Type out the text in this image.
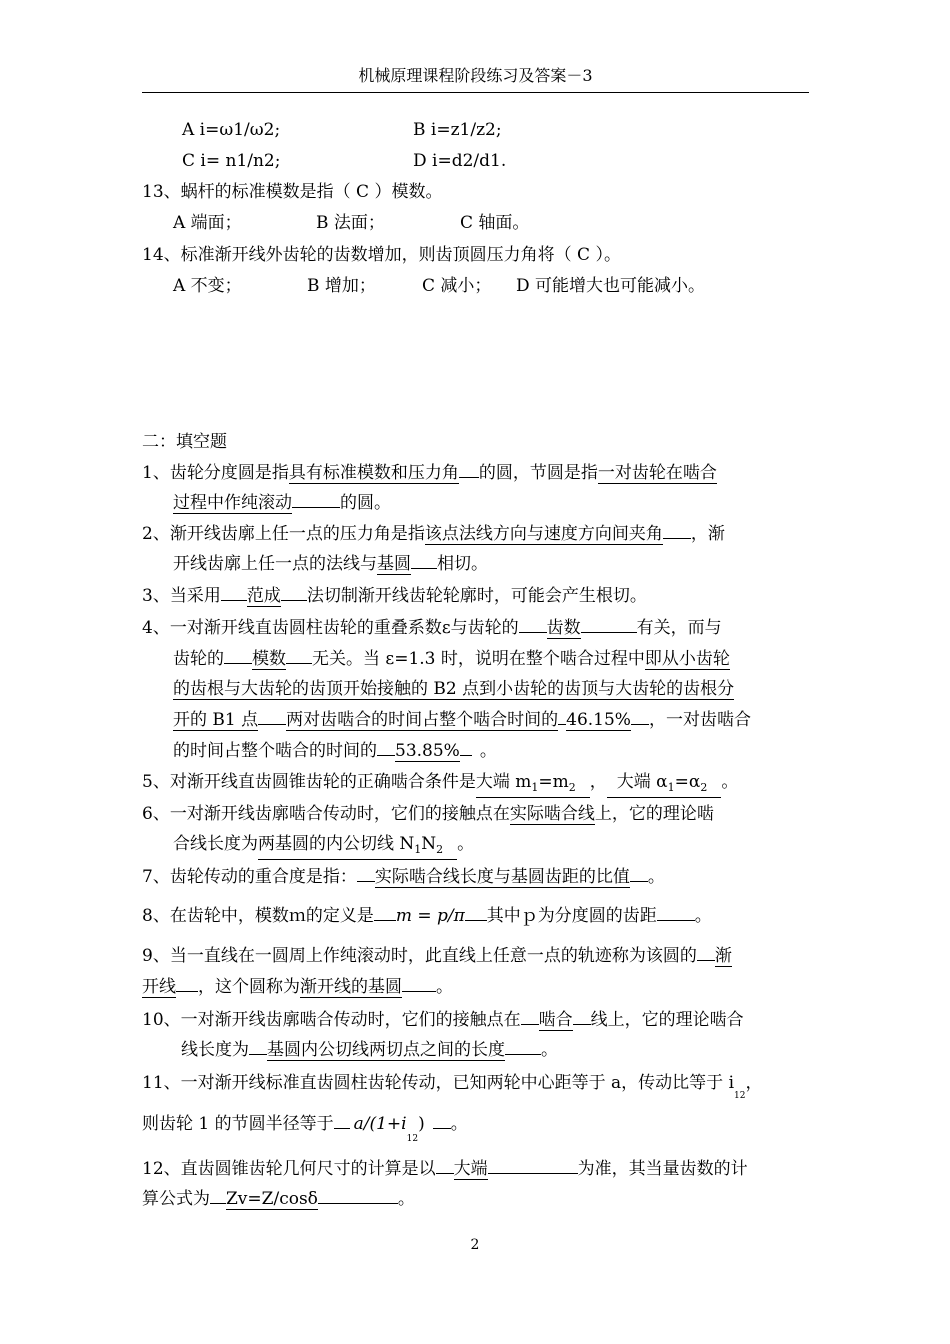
机械原理课程阶段练习及答案－3
A i=ω1/ω2;	B i=z1/z2;
C i= n1/n2;	D i=d2/d1.
13、蜗杆的标准模数是指（ C ）模数。
A 端面；	B 法面；	C 轴面。
14、标准渐开线外齿轮的齿数增加，则齿顶圆压力角将（ C ）。
A 不变；	B 增加；	C 减小； D 可能增大也可能减小。
二：填空题
1、齿轮分度圆是指具有标准模数和压力角 的圆，节圆是指一对齿轮在啮合
过程中作纯滚动	的圆。
2、渐开线齿廓上任一点的压力角是指该点法线方向与速度方向间夹角 ，渐
开线齿廓上任一点的法线与基圆 相切。
3、当采用 范成 法切制渐开线齿轮轮廓时，可能会产生根切。
4、一对渐开线直齿圆柱齿轮的重叠系数ε与齿轮的 齿数	有关，而与
齿轮的 模数 无关。当 ε=1.3 时，说明在整个啮合过程中即从小齿轮
的齿根与大齿轮的齿顶开始接触的 B2 点到小齿轮的齿顶与大齿轮的齿根分
开的 B1 点 两对齿啮合的时间占整个啮合时间的 46.15% ，一对齿啮合
的时间占整个啮合的时间的 53.85% 。
5、对渐开线直齿圆锥齿轮的正确啮合条件是大端 $m_1=m_2$ ， 大端 $\alpha_1=\alpha_2$ 。
6、一对渐开线齿廓啮合传动时，它们的接触点在实际啮合线上，它的理论啮
合线长度为两基圆的内公切线 $N_1N_2$ 。
7、齿轮传动的重合度是指： 实际啮合线长度与基圆齿距的比值 。
8、在齿轮中，模数ｍ的定义是 m = p/π 其中ｐ为分度圆的齿距 。
9、当一直线在一圆周上作纯滚动时，此直线上任意一点的轨迹称为该圆的 渐
开线 ，这个圆称为渐开线的基圆 。
10、一对渐开线齿廓啮合传动时，它们的接触点在 啮合 线上，它的理论啮合
线长度为 基圆内公切线两切点之间的长度 。
11、一对渐开线标准直齿圆柱齿轮传动，已知两轮中心距等于 a，传动比等于 $i_{12}$，
则齿轮 1 的节圆半径等于 $a/(1+i_{12})$ 。
12、直齿圆锥齿轮几何尺寸的计算是以 大端	为准，其当量齿数的计
算公式为 Zv=Z/cosδ	。
2
